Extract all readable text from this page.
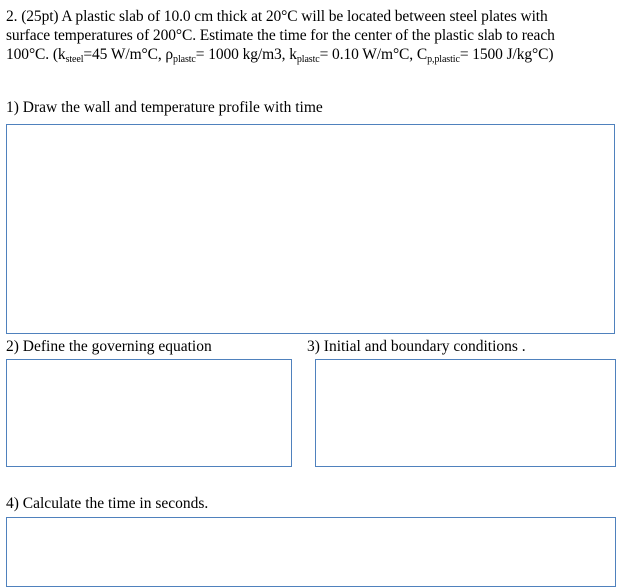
2. (25pt) A plastic slab of 10.0 cm thick at 20°C will be located between steel plates with
surface temperatures of 200°C. Estimate the time for the center of the plastic slab to reach
100°C. ($k_{steel}=45$ W/m°C, $\rho_{plastc}= 1000$ kg/m3, $k_{plastc}= 0.10$ W/m°C, $C_{p,plastic}= 1500$ J/kg°C)
1) Draw the wall and temperature profile with time
2) Define the governing equation	3) Initial and boundary conditions .
4) Calculate the time in seconds.
